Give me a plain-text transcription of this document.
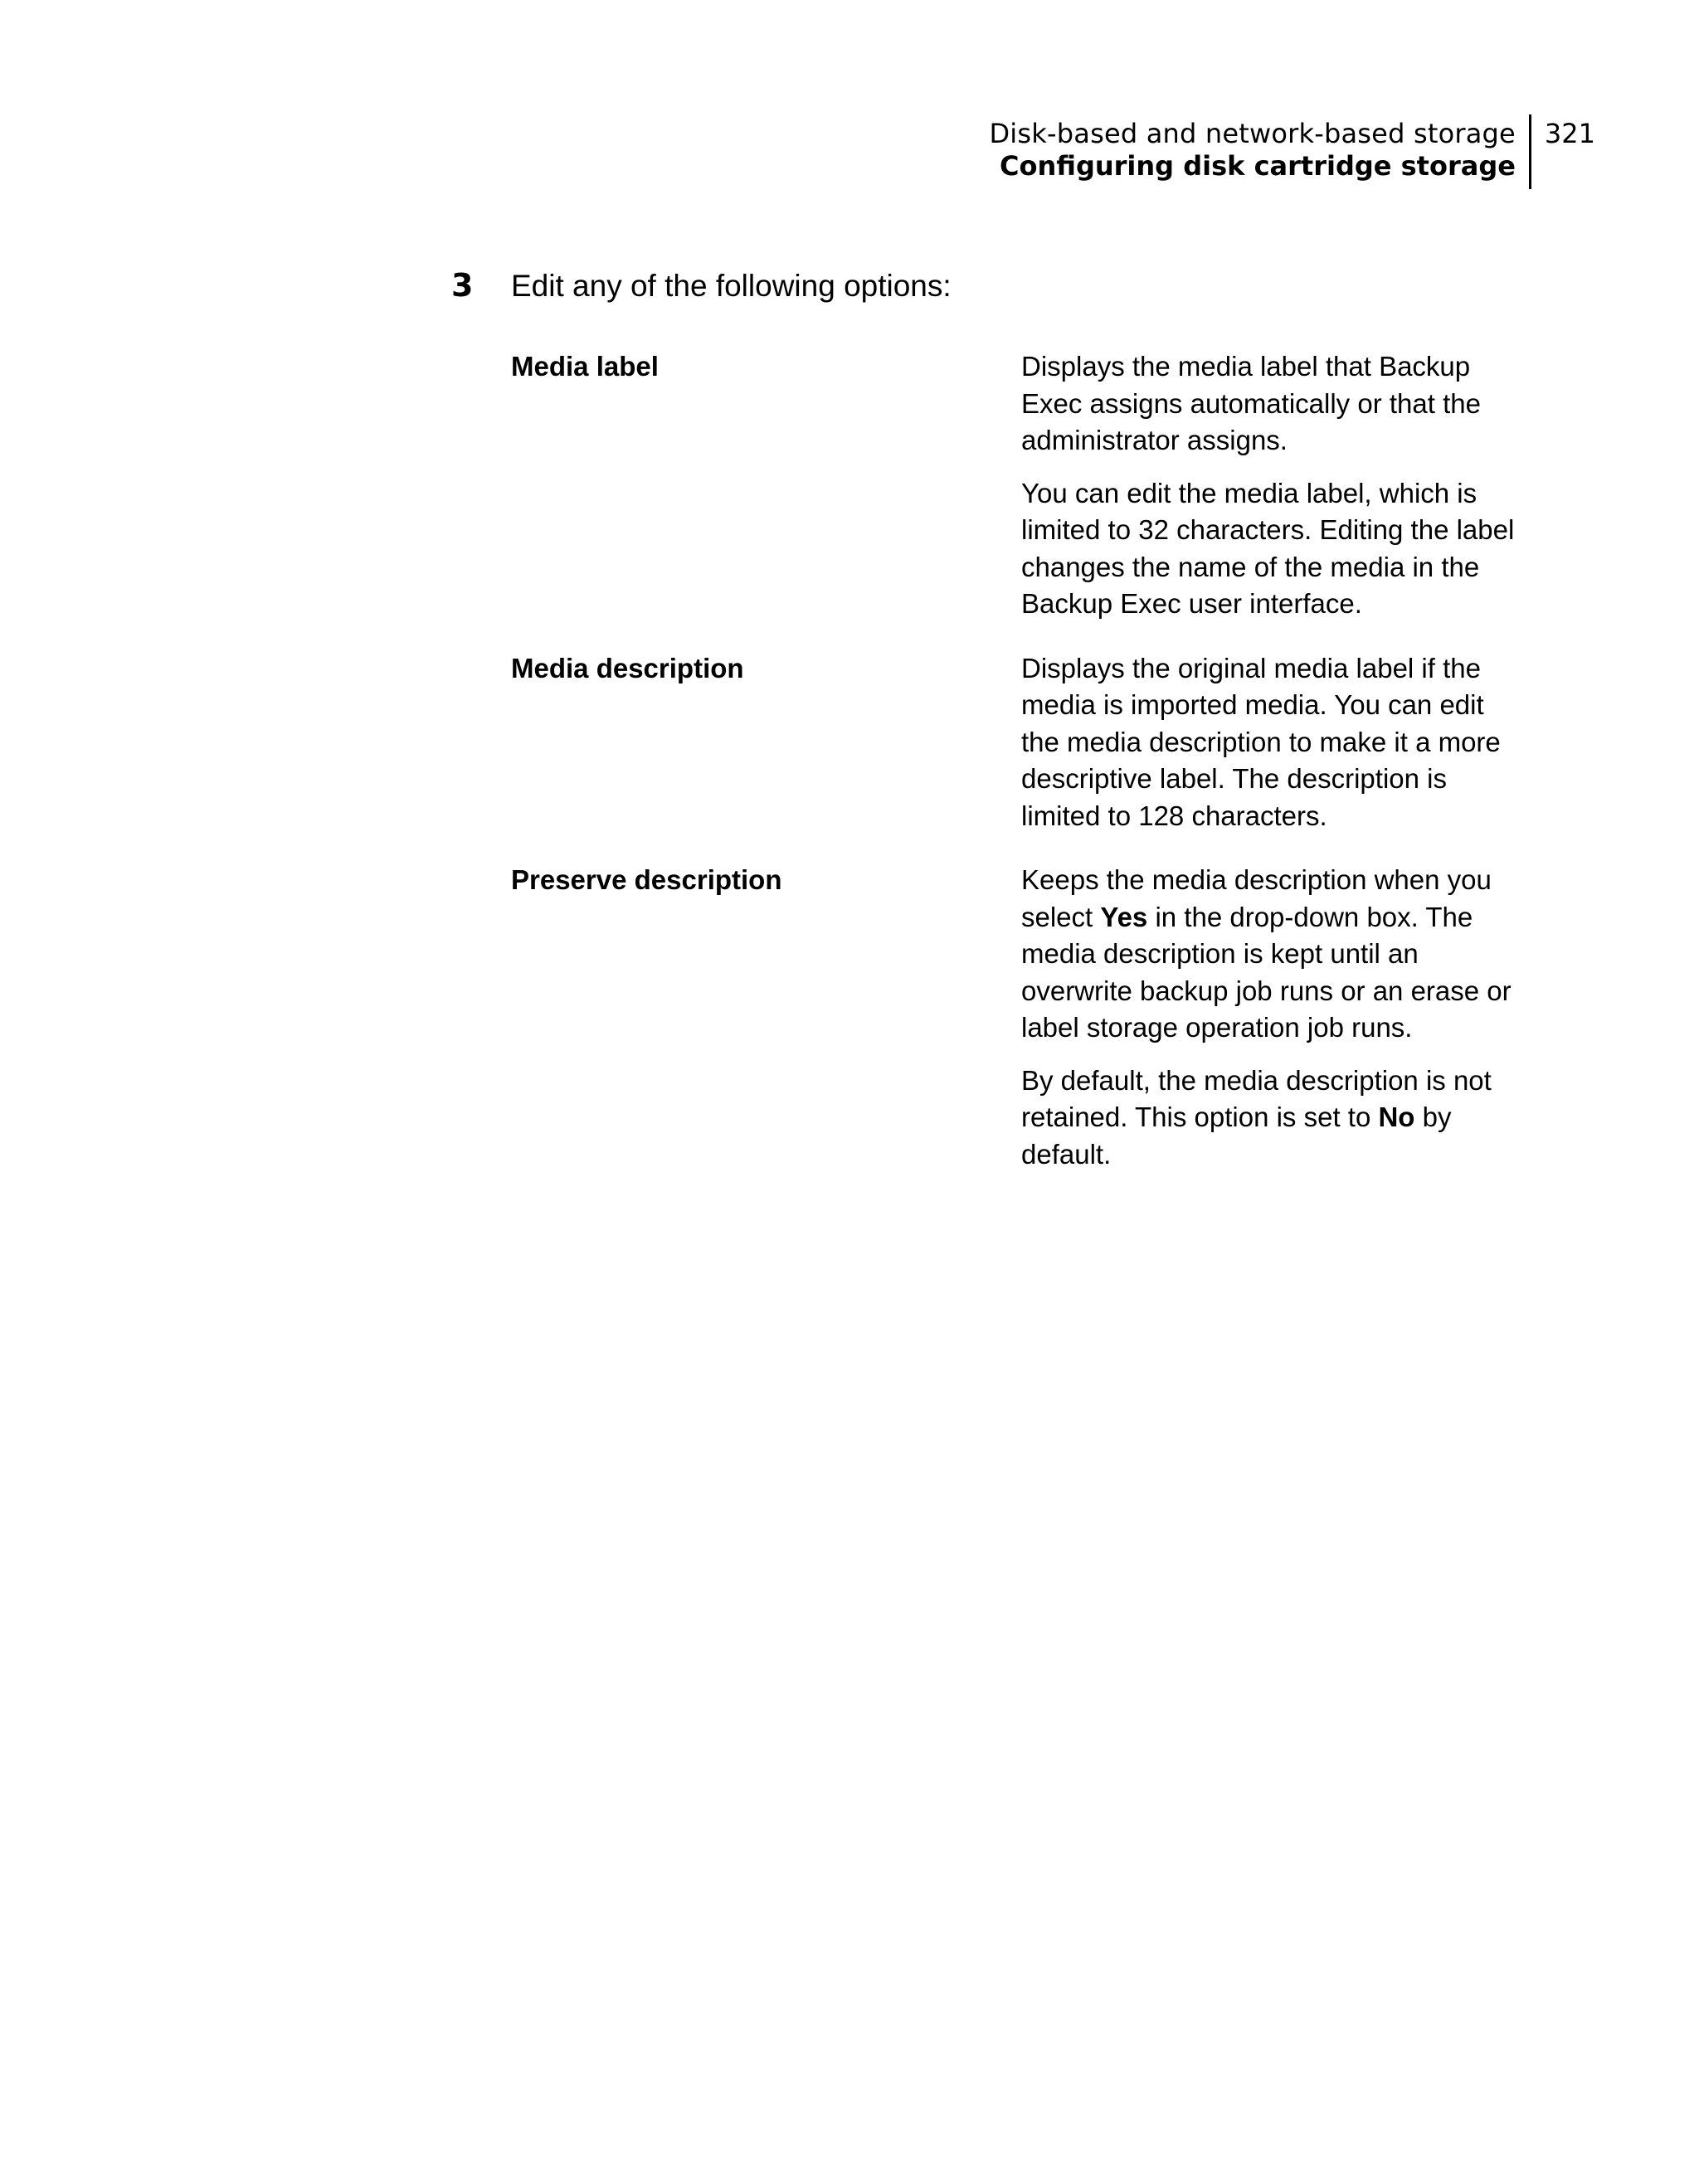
Disk-based and network-based storage
Configuring disk cartridge storage
321
3	Edit any of the following options:
Media label	Displays the media label that Backup Exec assigns automatically or that the administrator assigns.

You can edit the media label, which is limited to 32 characters. Editing the label changes the name of the media in the Backup Exec user interface.

Media description	Displays the original media label if the media is imported media. You can edit the media description to make it a more descriptive label. The description is limited to 128 characters.

Preserve description	Keeps the media description when you select Yes in the drop-down box. The media description is kept until an overwrite backup job runs or an erase or label storage operation job runs.

By default, the media description is not retained. This option is set to No by default.
